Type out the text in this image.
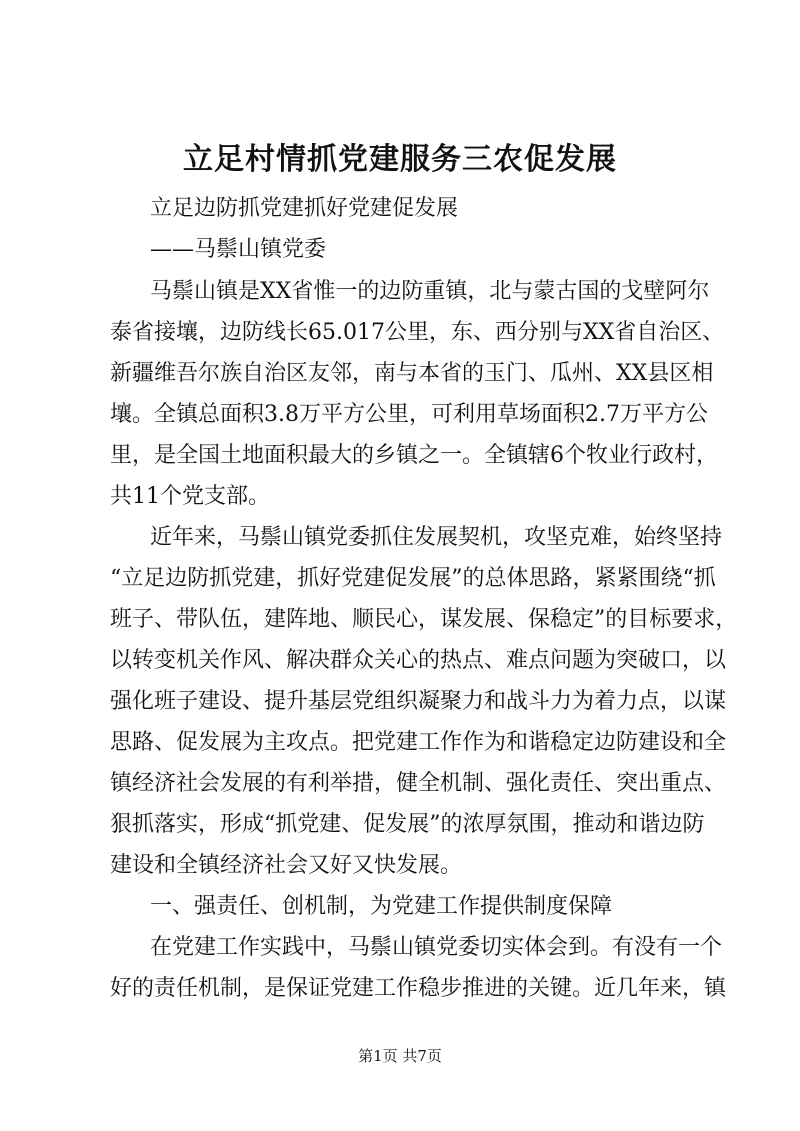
立足村情抓党建服务三农促发展
立足边防抓党建抓好党建促发展
——马鬃山镇党委
马鬃山镇是XX省惟一的边防重镇，北与蒙古国的戈壁阿尔
泰省接壤，边防线长65.017公里，东、西分别与XX省自治区、
新疆维吾尔族自治区友邻，南与本省的玉门、瓜州、XX县区相
壤。全镇总面积3.8万平方公里，可利用草场面积2.7万平方公
里，是全国土地面积最大的乡镇之一。全镇辖6个牧业行政村，
共11个党支部。
近年来，马鬃山镇党委抓住发展契机，攻坚克难，始终坚持
“立足边防抓党建，抓好党建促发展”的总体思路，紧紧围绕“抓
班子、带队伍，建阵地、顺民心，谋发展、保稳定”的目标要求，
以转变机关作风、解决群众关心的热点、难点问题为突破口，以
强化班子建设、提升基层党组织凝聚力和战斗力为着力点，以谋
思路、促发展为主攻点。把党建工作作为和谐稳定边防建设和全
镇经济社会发展的有利举措，健全机制、强化责任、突出重点、
狠抓落实，形成“抓党建、促发展”的浓厚氛围，推动和谐边防
建设和全镇经济社会又好又快发展。
一、强责任、创机制，为党建工作提供制度保障
在党建工作实践中，马鬃山镇党委切实体会到。有没有一个
好的责任机制，是保证党建工作稳步推进的关键。近几年来，镇
第1页 共7页
